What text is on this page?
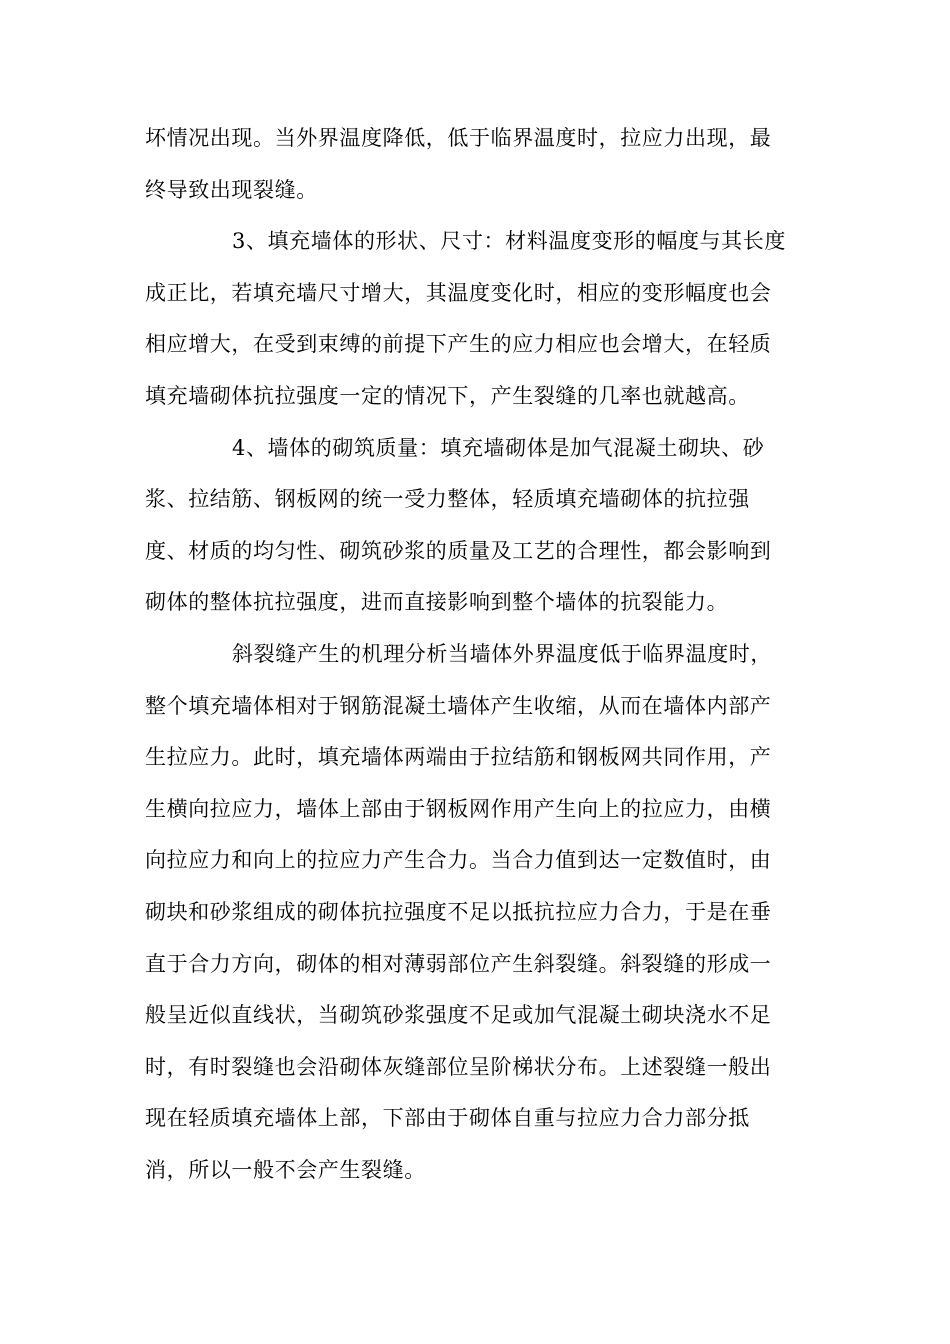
坏情况出现。当外界温度降低，低于临界温度时，拉应力出现，最
终导致出现裂缝。
3、填充墙体的形状、尺寸：材料温度变形的幅度与其长度
成正比，若填充墙尺寸增大，其温度变化时，相应的变形幅度也会
相应增大，在受到束缚的前提下产生的应力相应也会增大，在轻质
填充墙砌体抗拉强度一定的情况下，产生裂缝的几率也就越高。
4、墙体的砌筑质量：填充墙砌体是加气混凝土砌块、砂
浆、拉结筋、钢板网的统一受力整体，轻质填充墙砌体的抗拉强
度、材质的均匀性、砌筑砂浆的质量及工艺的合理性，都会影响到
砌体的整体抗拉强度，进而直接影响到整个墙体的抗裂能力。
斜裂缝产生的机理分析当墙体外界温度低于临界温度时，
整个填充墙体相对于钢筋混凝土墙体产生收缩，从而在墙体内部产
生拉应力。此时，填充墙体两端由于拉结筋和钢板网共同作用，产
生横向拉应力，墙体上部由于钢板网作用产生向上的拉应力，由横
向拉应力和向上的拉应力产生合力。当合力值到达一定数值时，由
砌块和砂浆组成的砌体抗拉强度不足以抵抗拉应力合力，于是在垂
直于合力方向，砌体的相对薄弱部位产生斜裂缝。斜裂缝的形成一
般呈近似直线状，当砌筑砂浆强度不足或加气混凝土砌块浇水不足
时，有时裂缝也会沿砌体灰缝部位呈阶梯状分布。上述裂缝一般出
现在轻质填充墙体上部，下部由于砌体自重与拉应力合力部分抵
消，所以一般不会产生裂缝。
